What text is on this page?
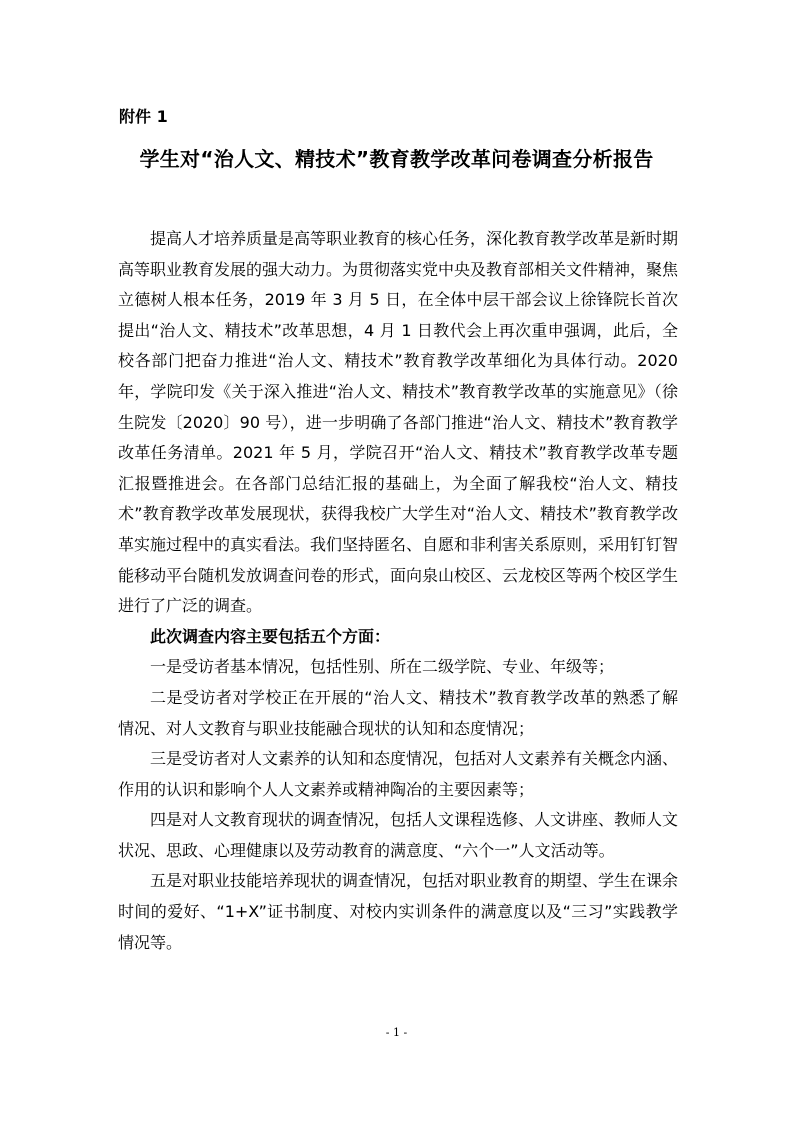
附件 1
学生对“治人文、精技术”教育教学改革问卷调查分析报告

提高人才培养质量是高等职业教育的核心任务，深化教育教学改革是新时期高等职业教育发展的强大动力。为贯彻落实党中央及教育部相关文件精神，聚焦立德树人根本任务，2019 年 3 月 5 日，在全体中层干部会议上徐锋院长首次提出“治人文、精技术”改革思想，4 月 1 日教代会上再次重申强调，此后，全校各部门把奋力推进“治人文、精技术”教育教学改革细化为具体行动。2020 年，学院印发《关于深入推进“治人文、精技术”教育教学改革的实施意见》（徐生院发〔2020〕90 号），进一步明确了各部门推进“治人文、精技术”教育教学改革任务清单。2021 年 5 月，学院召开“治人文、精技术”教育教学改革专题汇报暨推进会。在各部门总结汇报的基础上，为全面了解我校“治人文、精技术”教育教学改革发展现状，获得我校广大学生对“治人文、精技术”教育教学改革实施过程中的真实看法。我们坚持匿名、自愿和非利害关系原则，采用钉钉智能移动平台随机发放调查问卷的形式，面向泉山校区、云龙校区等两个校区学生进行了广泛的调查。

此次调查内容主要包括五个方面：

一是受访者基本情况，包括性别、所在二级学院、专业、年级等；

二是受访者对学校正在开展的“治人文、精技术”教育教学改革的熟悉了解情况、对人文教育与职业技能融合现状的认知和态度情况；

三是受访者对人文素养的认知和态度情况，包括对人文素养有关概念内涵、作用的认识和影响个人人文素养或精神陶冶的主要因素等；

四是对人文教育现状的调查情况，包括人文课程选修、人文讲座、教师人文状况、思政、心理健康以及劳动教育的满意度、“六个一”人文活动等。

五是对职业技能培养现状的调查情况，包括对职业教育的期望、学生在课余时间的爱好、“1+X”证书制度、对校内实训条件的满意度以及“三习”实践教学情况等。

- 1 -
